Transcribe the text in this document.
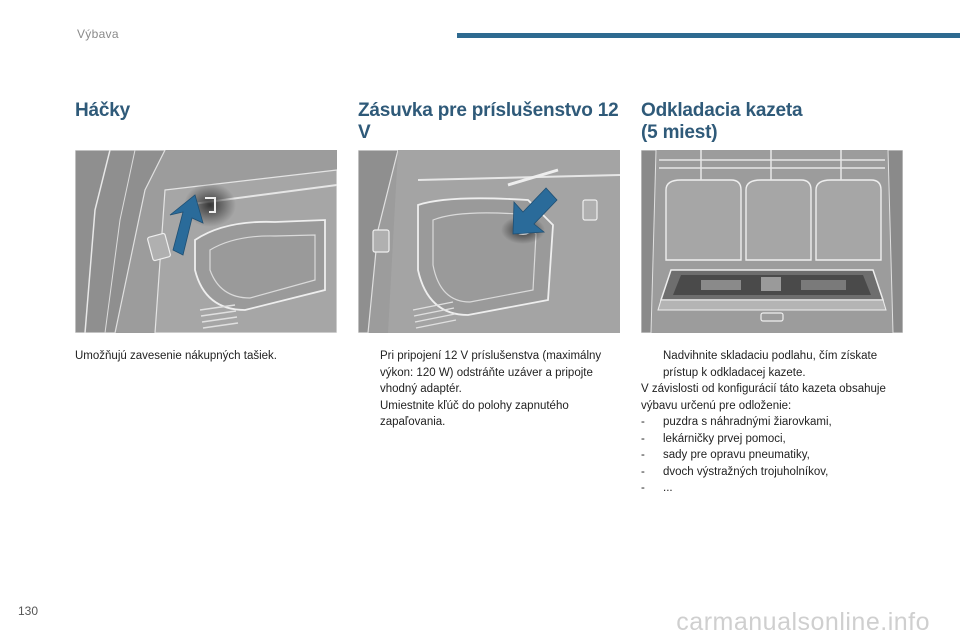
Výbava
Háčky

Umožňujú zavesenie nákupných tašiek.

Zásuvka pre príslušenstvo 12 V
Pri pripojení 12 V príslušenstva (maximálny výkon: 120 W) odstráňte uzáver a pripojte vhodný adaptér.
Umiestnite kľúč do polohy zapnutého zapaľovania.
Odkladacia kazeta
(5 miest)
Nadvihnite skladaciu podlahu, čím získate prístup k odkladacej kazete.

V závislosti od konfigurácií táto kazeta obsahuje výbavu určenú pre odloženie:

-	puzdra s náhradnými žiarovkami,
-	lekárničky prvej pomoci,
-	sady pre opravu pneumatiky,
-	dvoch výstražných trojuholníkov,
-	...
130	carmanualsonline.info
